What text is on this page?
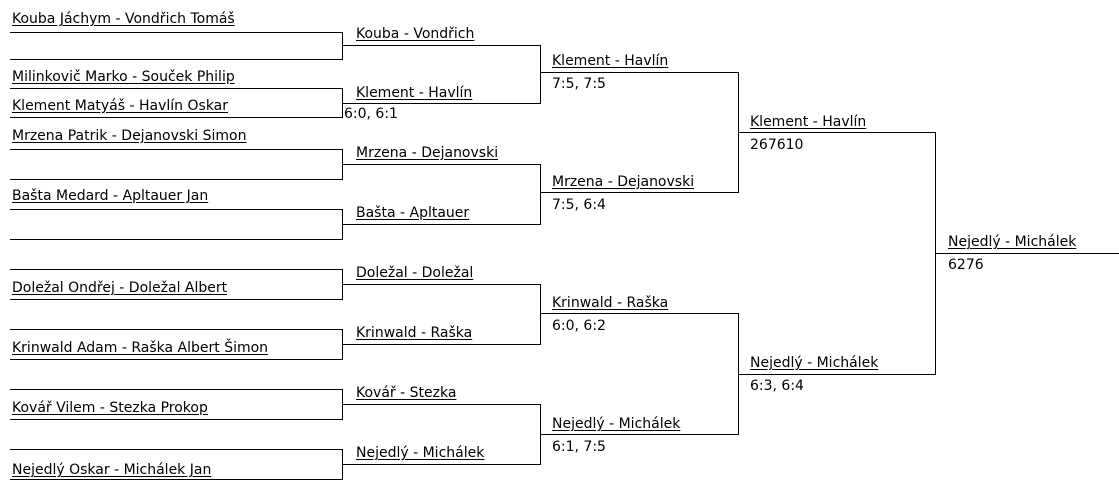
Kouba Jáchym - Vondřich Tomáš
Milinkovič Marko - Souček Philip
Klement Matyáš - Havlín Oskar
Mrzena Patrik - Dejanovski Simon
Bašta Medard - Apltauer Jan
Doležal Ondřej - Doležal Albert
Krinwald Adam - Raška Albert Šimon
Kovář Vilem - Stezka Prokop
Nejedlý Oskar - Michálek Jan
Kouba - Vondřich
Klement - Havlín
6:0, 6:1
Mrzena - Dejanovski
Bašta - Apltauer
Doležal - Doležal
Krinwald - Raška
Kovář - Stezka
Nejedlý - Michálek
Klement - Havlín
7:5, 7:5
Mrzena - Dejanovski
7:5, 6:4
Krinwald - Raška
6:0, 6:2
Nejedlý - Michálek
6:1, 7:5
Klement - Havlín
267610
Nejedlý - Michálek
6:3, 6:4
Nejedlý - Michálek
6276
